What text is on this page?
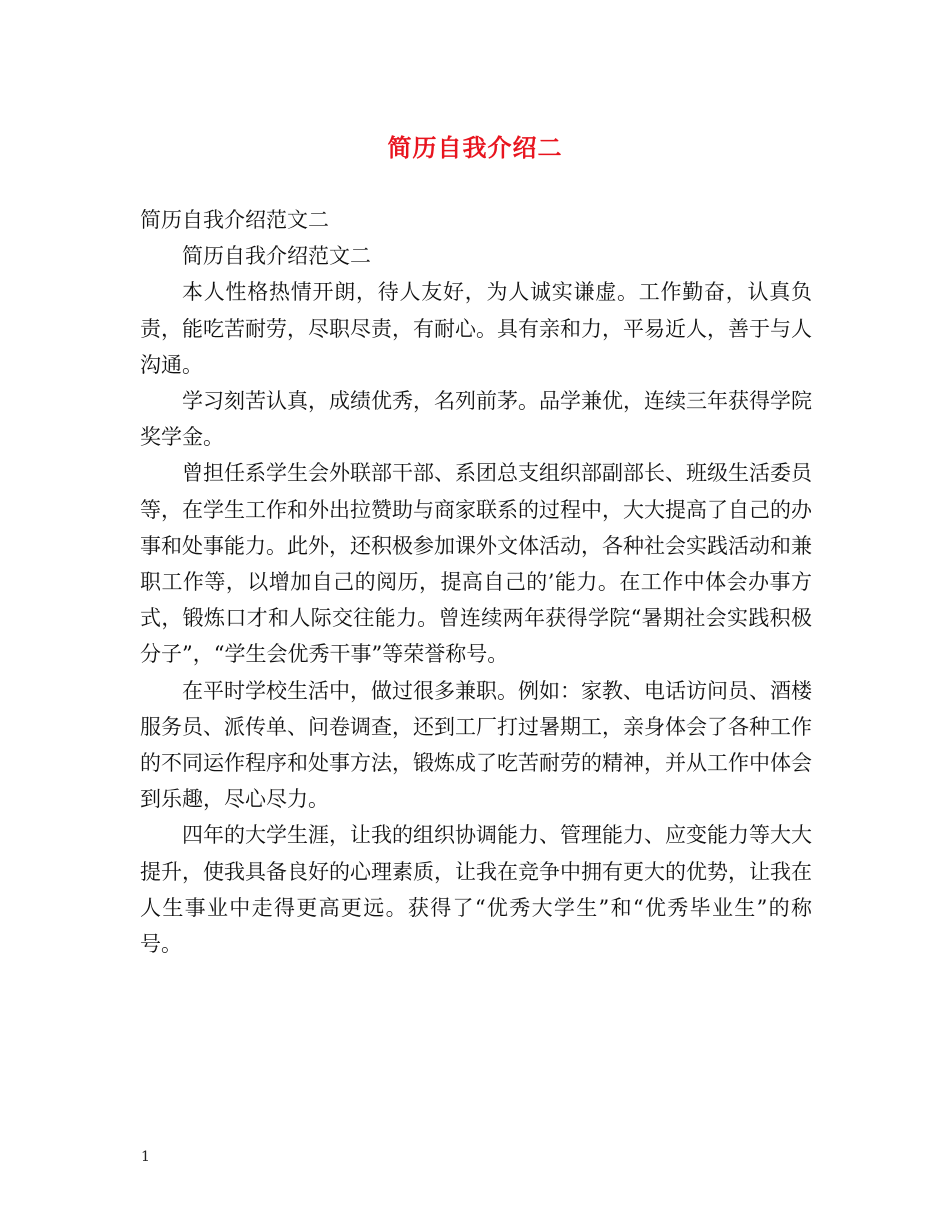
简历自我介绍二

简历自我介绍范文二

简历自我介绍范文二

本人性格热情开朗，待人友好，为人诚实谦虚。工作勤奋，认真负责，能吃苦耐劳，尽职尽责，有耐心。具有亲和力，平易近人，善于与人沟通。

学习刻苦认真，成绩优秀，名列前茅。品学兼优，连续三年获得学院奖学金。

曾担任系学生会外联部干部、系团总支组织部副部长、班级生活委员等，在学生工作和外出拉赞助与商家联系的过程中，大大提高了自己的办事和处事能力。此外，还积极参加课外文体活动，各种社会实践活动和兼职工作等，以增加自己的阅历，提高自己的’能力。在工作中体会办事方式，锻炼口才和人际交往能力。曾连续两年获得学院“暑期社会实践积极分子”，“学生会优秀干事”等荣誉称号。

在平时学校生活中，做过很多兼职。例如：家教、电话访问员、酒楼服务员、派传单、问卷调查，还到工厂打过暑期工，亲身体会了各种工作的不同运作程序和处事方法，锻炼成了吃苦耐劳的精神，并从工作中体会到乐趣，尽心尽力。

四年的大学生涯，让我的组织协调能力、管理能力、应变能力等大大提升，使我具备良好的心理素质，让我在竞争中拥有更大的优势，让我在人生事业中走得更高更远。获得了“优秀大学生”和“优秀毕业生”的称号。

1
